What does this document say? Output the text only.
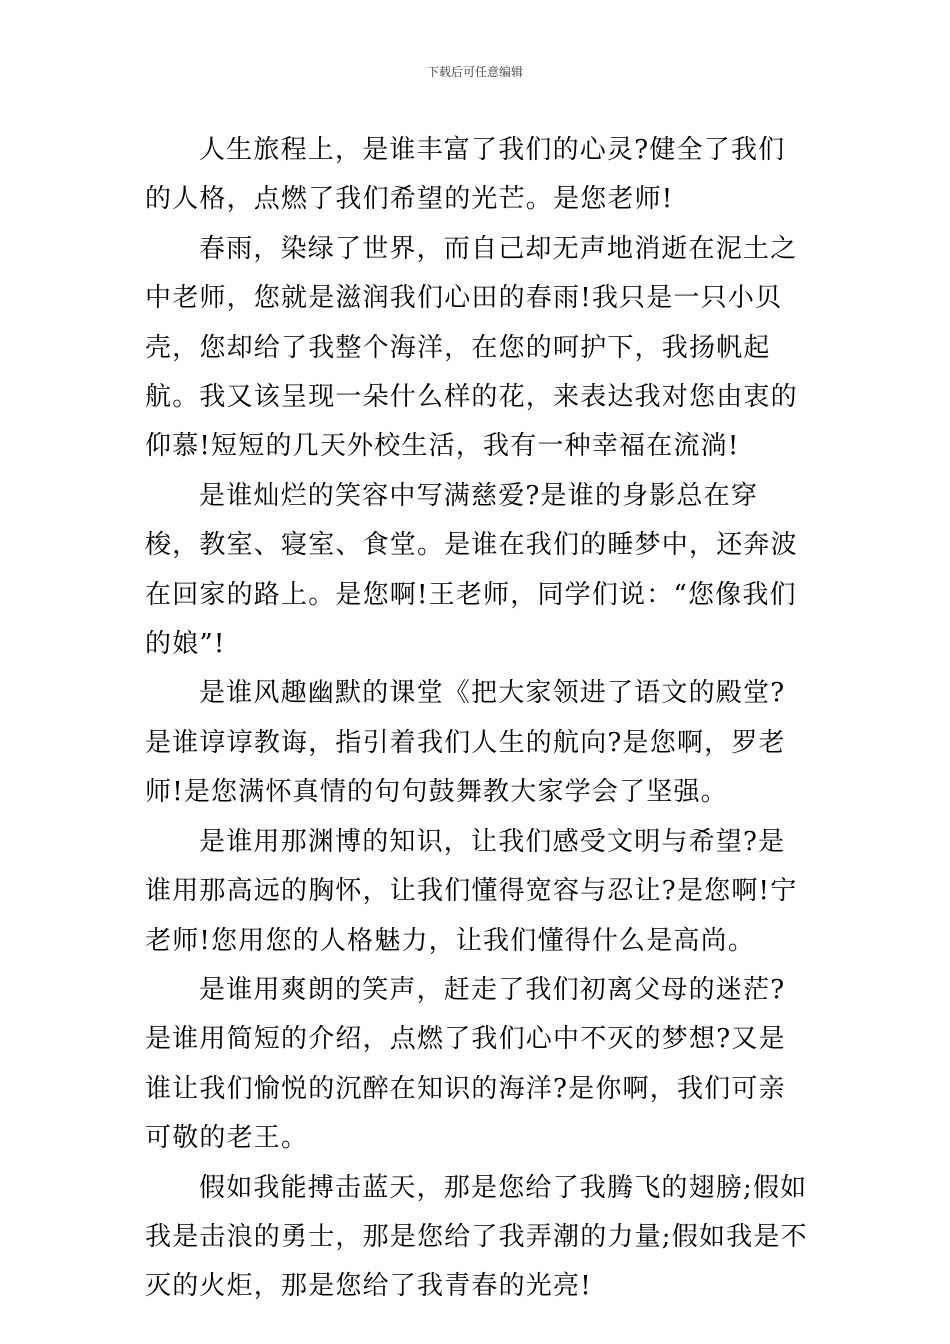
下载后可任意编辑

人生旅程上，是谁丰富了我们的心灵?健全了我们的人格，点燃了我们希望的光芒。是您老师!

春雨，染绿了世界，而自己却无声地消逝在泥土之中老师，您就是滋润我们心田的春雨!我只是一只小贝壳，您却给了我整个海洋，在您的呵护下，我扬帆起航。我又该呈现一朵什么样的花，来表达我对您由衷的仰慕!短短的几天外校生活，我有一种幸福在流淌!

是谁灿烂的笑容中写满慈爱?是谁的身影总在穿梭，教室、寝室、食堂。是谁在我们的睡梦中，还奔波在回家的路上。是您啊!王老师，同学们说：“您像我们的娘”!

是谁风趣幽默的课堂《把大家领进了语文的殿堂?是谁谆谆教诲，指引着我们人生的航向?是您啊，罗老师!是您满怀真情的句句鼓舞教大家学会了坚强。

是谁用那渊博的知识，让我们感受文明与希望?是谁用那高远的胸怀，让我们懂得宽容与忍让?是您啊!宁老师!您用您的人格魅力，让我们懂得什么是高尚。

是谁用爽朗的笑声，赶走了我们初离父母的迷茫?是谁用简短的介绍，点燃了我们心中不灭的梦想?又是谁让我们愉悦的沉醉在知识的海洋?是你啊，我们可亲可敬的老王。

假如我能搏击蓝天，那是您给了我腾飞的翅膀;假如我是击浪的勇士，那是您给了我弄潮的力量;假如我是不灭的火炬，那是您给了我青春的光亮!
